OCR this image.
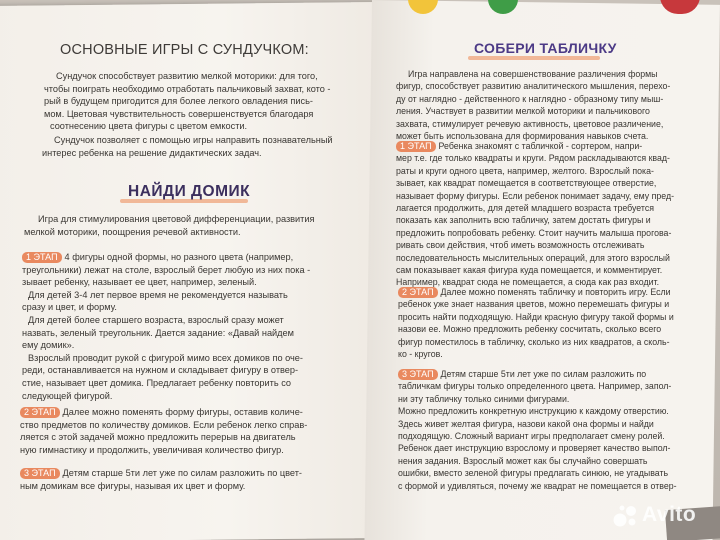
ОСНОВНЫЕ ИГРЫ С СУНДУЧКОМ:

Сундучок способствует развитию мелкой моторики: для того,

чтобы поиграть необходимо отработать пальчиковый захват, кото -

рый в будущем пригодится для более легкого овладения пись-

мом. Цветовая чувствительность совершенствуется благодаря

соотнесению цвета фигуры с цветом емкости.

Сундучок позволяет с помощью игры направить познавательный

интерес ребенка на решение дидактических задач.

НАЙДИ ДОМИК

Игра для стимулирования цветовой дифференциации, развития

мелкой моторики, поощрения речевой активности.

1 ЭТАП 4 фигуры одной формы, но разного цвета (например,

треугольники) лежат на столе, взрослый берет любую из них пока -

зывает ребенку, называет ее цвет, например, зеленый.

Для детей 3-4 лет первое время не рекомендуется называть

сразу и цвет, и форму.

Для детей более старшего возраста, взрослый сразу может

назвать, зеленый треугольник. Дается задание: «Давай найдем

ему домик».

Взрослый проводит рукой с фигурой мимо всех домиков по оче-

реди, останавливается на нужном и складывает фигуру в отвер-

стие, называет цвет домика. Предлагает ребенку повторить со

следующей фигурой.

2 ЭТАП Далее можно поменять форму фигуры, оставив количе-

ство предметов по количеству домиков. Если ребенок легко справ-

ляется с этой задачей можно предложить перерыв на двигатель

ную гимнастику и продолжить, увеличивая количество фигур.

3 ЭТАП Детям старше 5ти лет уже по силам разложить по цвет-

ным домикам все фигуры, называя их цвет и форму.

СОБЕРИ ТАБЛИЧКУ

Игра направлена на совершенствование различения формы

фигур, способствует развитию аналитического мышления, перехо-

ду от наглядно - действенного к наглядно - образному типу мыш-

ления. Участвует в развитии мелкой моторики и пальчикового

захвата, стимулирует речевую активность, цветовое различение,

может быть использована для формирования навыков счета.

1 ЭТАП Ребенка знакомят с табличкой - сортером, напри-

мер т.е. где только квадраты и круги. Рядом раскладываются квад-

раты и круги одного цвета, например, желтого. Взрослый пока-

зывает, как квадрат помещается в соответствующее отверстие,

называет форму фигуры. Если ребенок понимает задачу, ему пред-

лагается продолжить, для детей младшего возраста требуется

показать как заполнить всю табличку, затем достать фигуры и

предложить попробовать ребенку. Стоит научить малыша прогова-

ривать свои действия, чтоб иметь возможность отслеживать

последовательность мыслительных операций, для этого взрослый

сам показывает какая фигура куда помещается, и комментирует.

Например, квадрат сюда не помещается, а сюда как раз входит.

2 ЭТАП Далее можно поменять табличку и повторить игру. Если

ребенок уже знает названия цветов, можно перемешать фигуры и

просить найти подходящую. Найди красную фигуру такой формы и

назови ее. Можно предложить ребенку сосчитать, сколько всего

фигур поместилось в табличку, сколько из них квадратов, а сколь-

ко - кругов.

3 ЭТАП Детям старше 5ти лет уже по силам разложить по

табличкам фигуры только определенного цвета. Например, запол-

ни эту табличку только синими фигурами.

Можно предложить конкретную инструкцию к каждому отверстию.

Здесь живет желтая фигура, назови какой она формы и найди

подходящую. Сложный вариант игры предполагает смену ролей.

Ребенок дает инструкцию взрослому и проверяет качество выпол-

нения задания. Взрослый может как бы случайно совершать

ошибки, вместо зеленой фигуры предлагать синюю, не угадывать

с формой и удивляться, почему же квадрат не помещается в отвер-

Avito
